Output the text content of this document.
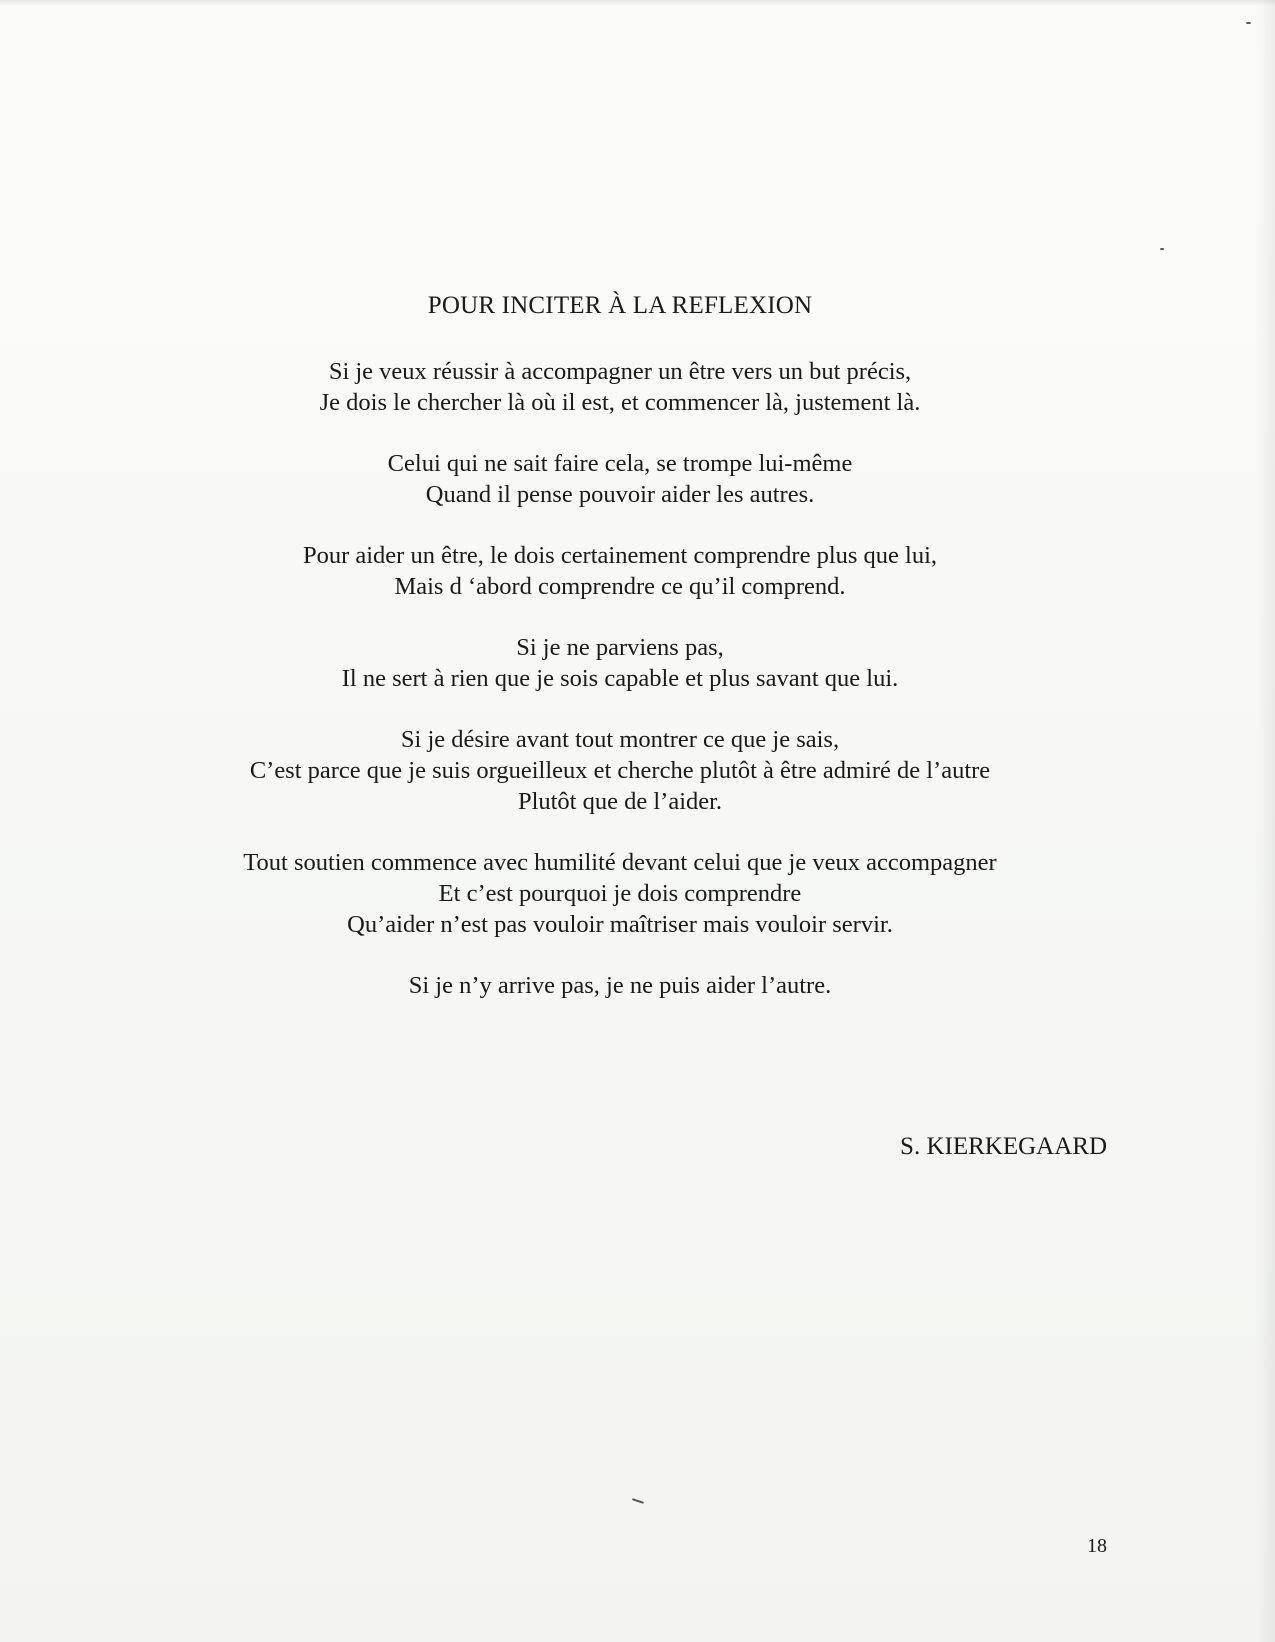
POUR INCITER À LA REFLEXION

Si je veux réussir à accompagner un être vers un but précis,
Je dois le chercher là où il est, et commencer là, justement là.

Celui qui ne sait faire cela, se trompe lui-même
Quand il pense pouvoir aider les autres.

Pour aider un être, le dois certainement comprendre plus que lui,
Mais d ‘abord comprendre ce qu’il comprend.

Si je ne parviens pas,
Il ne sert à rien que je sois capable et plus savant que lui.

Si je désire avant tout montrer ce que je sais,
C’est parce que je suis orgueilleux et cherche plutôt à être admiré de l’autre
Plutôt que de l’aider.

Tout soutien commence avec humilité devant celui que je veux accompagner
Et c’est pourquoi je dois comprendre
Qu’aider n’est pas vouloir maîtriser mais vouloir servir.

Si je n’y arrive pas, je ne puis aider l’autre.

S. KIERKEGAARD

18
